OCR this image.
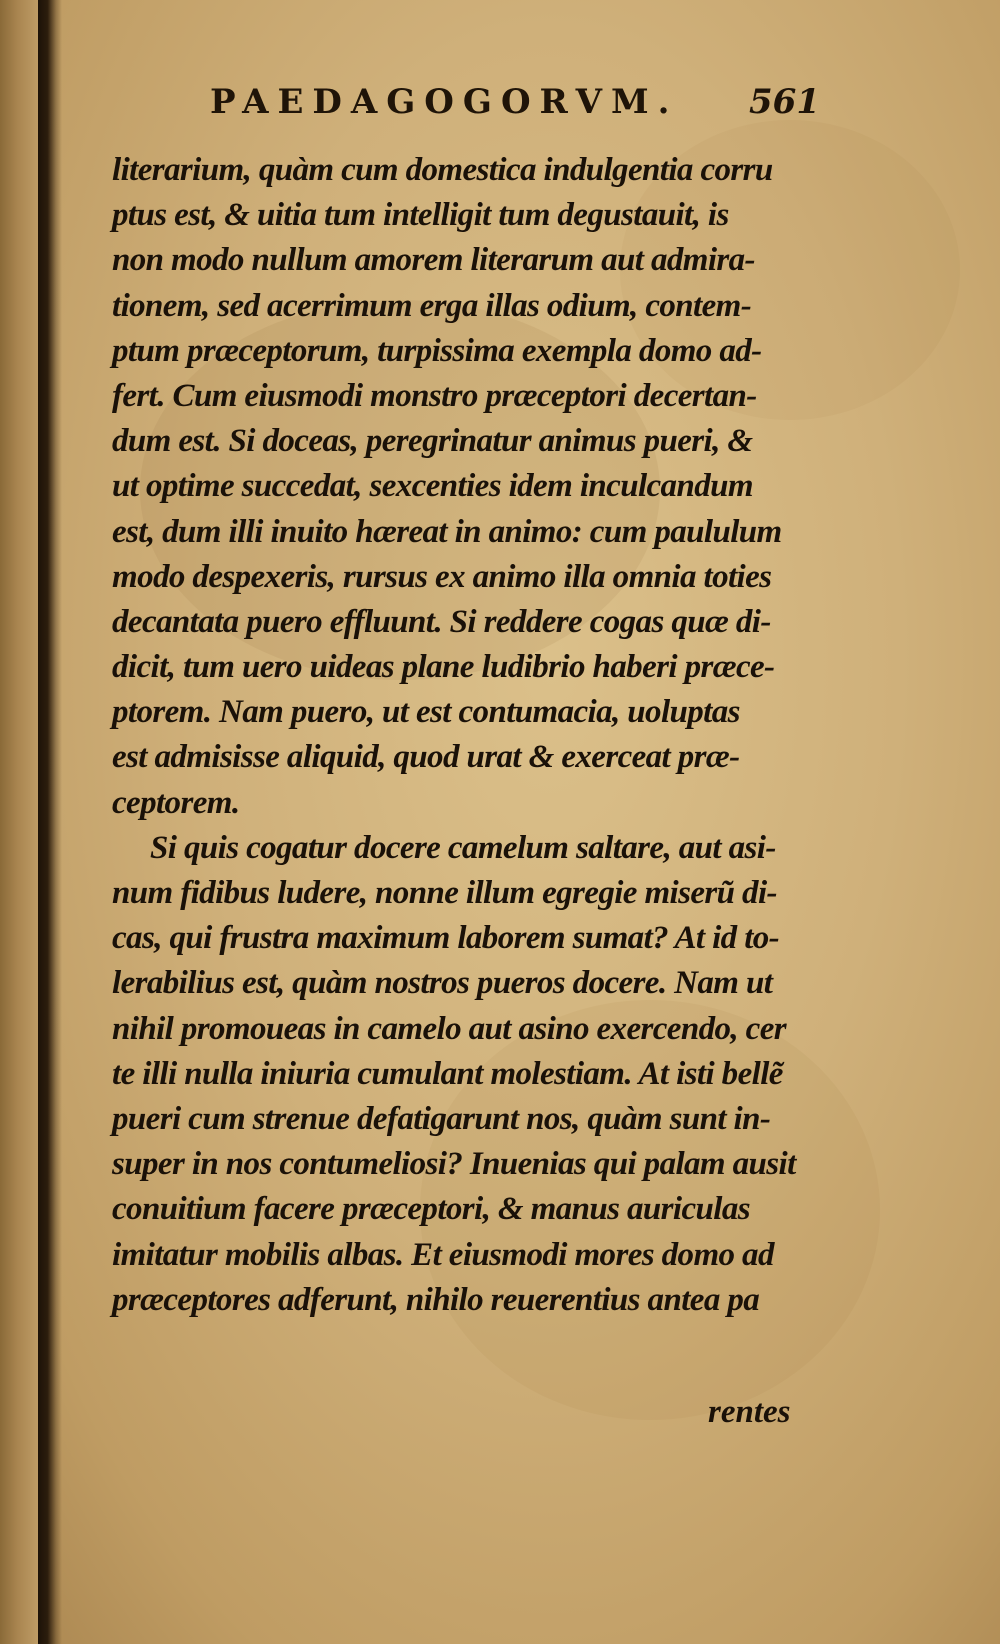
PAEDAGOGORVM. 561
literarium, quàm cum domestica indulgentia corru
ptus est, & uitia tum intelligit tum degustauit, is
non modo nullum amorem literarum aut admira-
tionem, sed acerrimum erga illas odium, contem-
ptum præceptorum, turpissima exempla domo ad-
fert. Cum eiusmodi monstro præceptori decertan-
dum est. Si doceas, peregrinatur animus pueri, &
ut optime succedat, sexcenties idem inculcandum
est, dum illi inuito hæreat in animo: cum paululum
modo despexeris, rursus ex animo illa omnia toties
decantata puero effluunt. Si reddere cogas quæ di-
dicit, tum uero uideas plane ludibrio haberi præce-
ptorem. Nam puero, ut est contumacia, uoluptas
est admisisse aliquid, quod urat & exerceat præ-
ceptorem.
Si quis cogatur docere camelum saltare, aut asi-
num fidibus ludere, nonne illum egregie miserũ di-
cas, qui frustra maximum laborem sumat? At id to-
lerabilius est, quàm nostros pueros docere. Nam ut
nihil promoueas in camelo aut asino exercendo, cer
te illi nulla iniuria cumulant molestiam. At isti bellẽ
pueri cum strenue defatigarunt nos, quàm sunt in-
super in nos contumeliosi? Inuenias qui palam ausit
conuitium facere præceptori, & manus auriculas
imitatur mobilis albas. Et eiusmodi mores domo ad
præceptores adferunt, nihilo reuerentius antea pa
rentes
